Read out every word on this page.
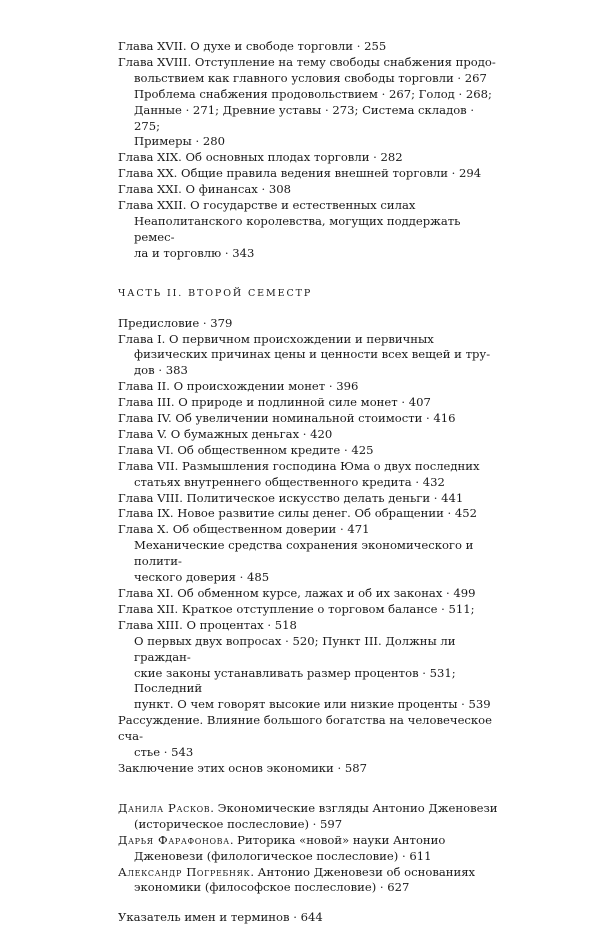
Глава XVII. О духе и свободе торговли · 255
Глава XVIII. Отступление на тему свободы снабжения продо-
вольствием как главного условия свободы торговли · 267
Проблема снабжения продовольствием · 267; Голод · 268;
Данные · 271; Древние уставы · 273; Система складов · 275;
Примеры · 280
Глава XIX. Об основных плодах торговли · 282
Глава XX. Общие правила ведения внешней торговли · 294
Глава XXI. О финансах · 308
Глава XXII. О государстве и естественных силах
Неаполитанского королевства, могущих поддержать ремес-
ла и торговлю · 343
ЧАСТЬ II. ВТОРОЙ СЕМЕСТР
Предисловие · 379
Глава I. О первичном происхождении и первичных
физических причинах цены и ценности всех вещей и тру-
дов · 383
Глава II. О происхождении монет · 396
Глава III. О природе и подлинной силе монет · 407
Глава IV. Об увеличении номинальной стоимости · 416
Глава V. О бумажных деньгах · 420
Глава VI. Об общественном кредите · 425
Глава VII. Размышления господина Юма о двух последних
статьях внутреннего общественного кредита · 432
Глава VIII. Политическое искусство делать деньги · 441
Глава IX. Новое развитие силы денег. Об обращении · 452
Глава X. Об общественном доверии · 471
Механические средства сохранения экономического и полити-
ческого доверия · 485
Глава XI. Об обменном курсе, лажах и об их законах · 499
Глава XII. Краткое отступление о торговом балансе · 511;
Глава XIII. О процентах · 518
О первых двух вопросах · 520; Пункт III. Должны ли граждан-
ские законы устанавливать размер процентов · 531; Последний
пункт. О чем говорят высокие или низкие проценты · 539
Рассуждение. Влияние большого богатства на человеческое сча-
стье · 543
Заключение этих основ экономики · 587
Данила Расков. Экономические взгляды Антонио Дженовези
(историческое послесловие) · 597
Дарья Фарафонова. Риторика «новой» науки Антонио
Дженовези (филологическое послесловие) · 611
Александр Погребняк. Антонио Дженовези об основаниях
экономики (философское послесловие) · 627
Указатель имен и терминов · 644
